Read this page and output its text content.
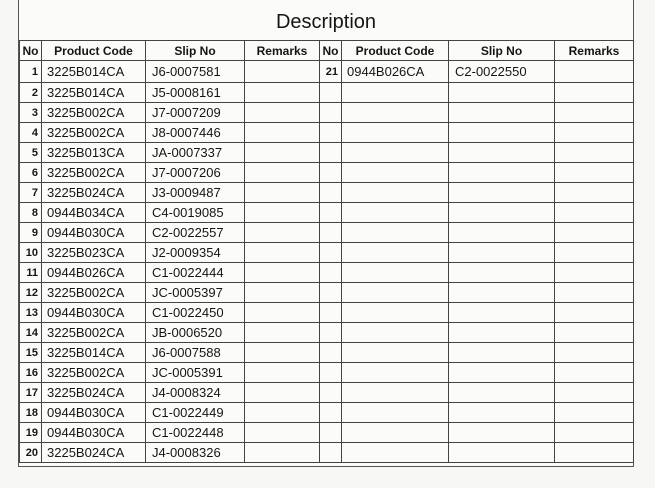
Description
No	Product Code	Slip No	Remarks	No	Product Code	Slip No	Remarks
1	3225B014CA	J6-0007581		21	0944B026CA	C2-0022550	
2	3225B014CA	J5-0008161					
3	3225B002CA	J7-0007209					
4	3225B002CA	J8-0007446					
5	3225B013CA	JA-0007337					
6	3225B002CA	J7-0007206					
7	3225B024CA	J3-0009487					
8	0944B034CA	C4-0019085					
9	0944B030CA	C2-0022557					
10	3225B023CA	J2-0009354					
11	0944B026CA	C1-0022444					
12	3225B002CA	JC-0005397					
13	0944B030CA	C1-0022450					
14	3225B002CA	JB-0006520					
15	3225B014CA	J6-0007588					
16	3225B002CA	JC-0005391					
17	3225B024CA	J4-0008324					
18	0944B030CA	C1-0022449					
19	0944B030CA	C1-0022448					
20	3225B024CA	J4-0008326					
